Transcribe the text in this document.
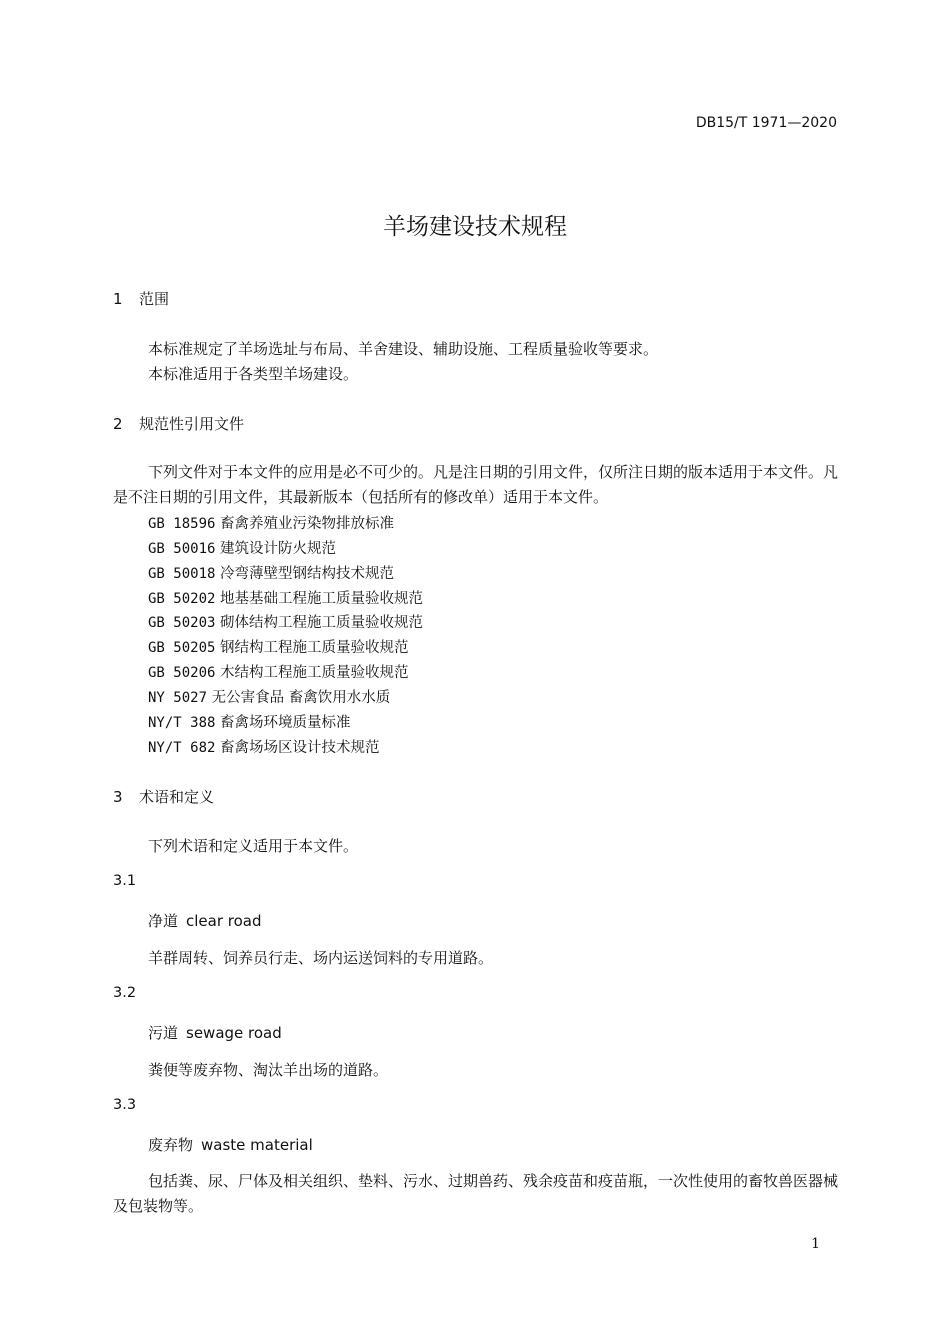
DB15/T 1971—2020
羊场建设技术规程
1 范围
本标准规定了羊场选址与布局、羊舍建设、辅助设施、工程质量验收等要求。
本标准适用于各类型羊场建设。
2 规范性引用文件
下列文件对于本文件的应用是必不可少的。凡是注日期的引用文件，仅所注日期的版本适用于本文件。凡是不注日期的引用文件，其最新版本（包括所有的修改单）适用于本文件。
GB 18596 畜禽养殖业污染物排放标准
GB 50016 建筑设计防火规范
GB 50018 冷弯薄壁型钢结构技术规范
GB 50202 地基基础工程施工质量验收规范
GB 50203 砌体结构工程施工质量验收规范
GB 50205 钢结构工程施工质量验收规范
GB 50206 木结构工程施工质量验收规范
NY 5027 无公害食品 畜禽饮用水水质
NY/T 388 畜禽场环境质量标准
NY/T 682 畜禽场场区设计技术规范
3 术语和定义
下列术语和定义适用于本文件。
3.1
净道 clear road
羊群周转、饲养员行走、场内运送饲料的专用道路。
3.2
污道 sewage road
粪便等废弃物、淘汰羊出场的道路。
3.3
废弃物 waste material
包括粪、尿、尸体及相关组织、垫料、污水、过期兽药、残余疫苗和疫苗瓶，一次性使用的畜牧兽医器械及包装物等。
1
